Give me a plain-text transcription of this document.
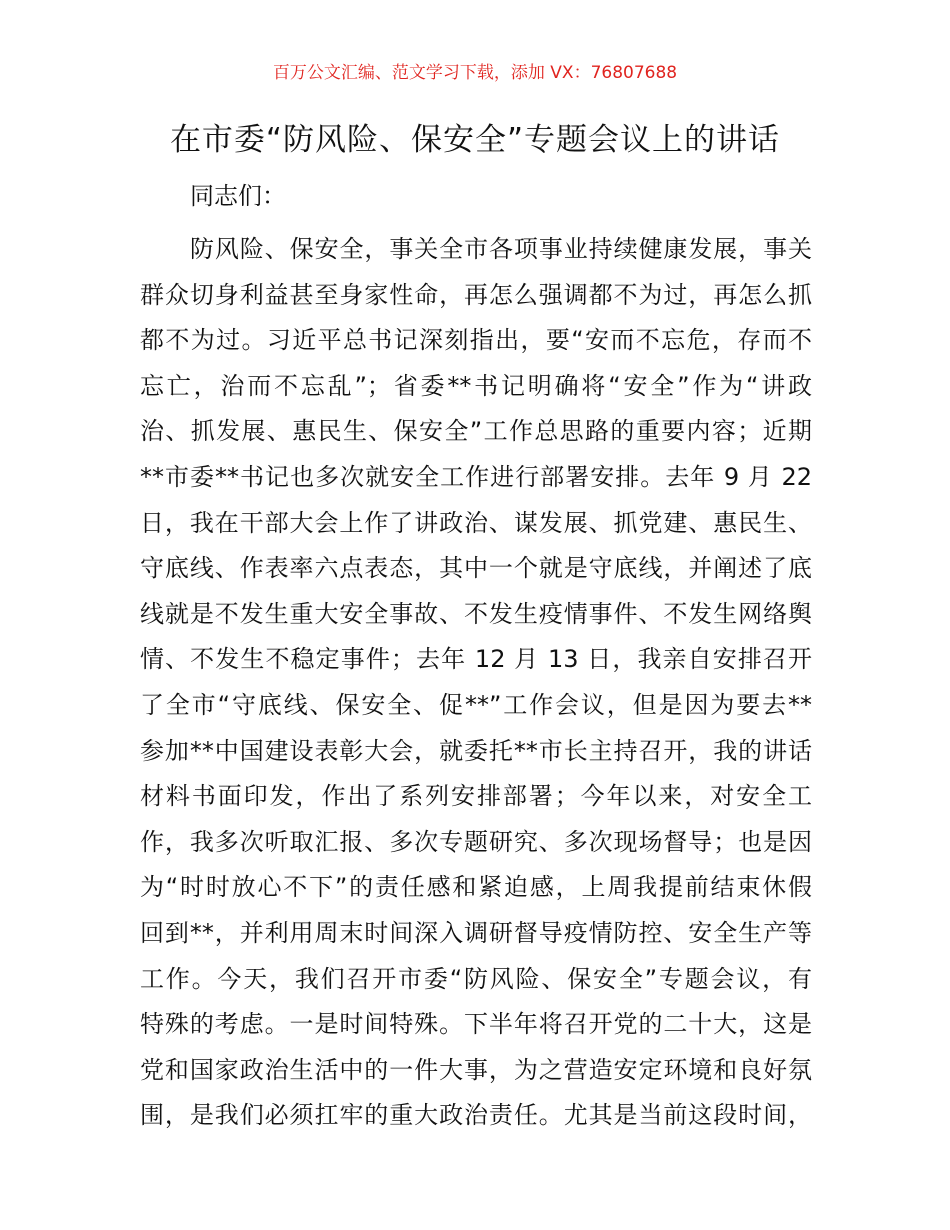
百万公文汇编、范文学习下载，添加 VX：76807688
在市委“防风险、保安全”专题会议上的讲话
同志们：
防风险、保安全，事关全市各项事业持续健康发展，事关
群众切身利益甚至身家性命，再怎么强调都不为过，再怎么抓
都不为过。习近平总书记深刻指出，要“安而不忘危，存而不
忘亡，治而不忘乱”；省委**书记明确将“安全”作为“讲政
治、抓发展、惠民生、保安全”工作总思路的重要内容；近期
**市委**书记也多次就安全工作进行部署安排。去年 9 月 22
日，我在干部大会上作了讲政治、谋发展、抓党建、惠民生、
守底线、作表率六点表态，其中一个就是守底线，并阐述了底
线就是不发生重大安全事故、不发生疫情事件、不发生网络舆
情、不发生不稳定事件；去年 12 月 13 日，我亲自安排召开
了全市“守底线、保安全、促**”工作会议，但是因为要去**
参加**中国建设表彰大会，就委托**市长主持召开，我的讲话
材料书面印发，作出了系列安排部署；今年以来，对安全工
作，我多次听取汇报、多次专题研究、多次现场督导；也是因
为“时时放心不下”的责任感和紧迫感，上周我提前结束休假
回到**，并利用周末时间深入调研督导疫情防控、安全生产等
工作。今天，我们召开市委“防风险、保安全”专题会议，有
特殊的考虑。一是时间特殊。下半年将召开党的二十大，这是
党和国家政治生活中的一件大事，为之营造安定环境和良好氛
围，是我们必须扛牢的重大政治责任。尤其是当前这段时间，
